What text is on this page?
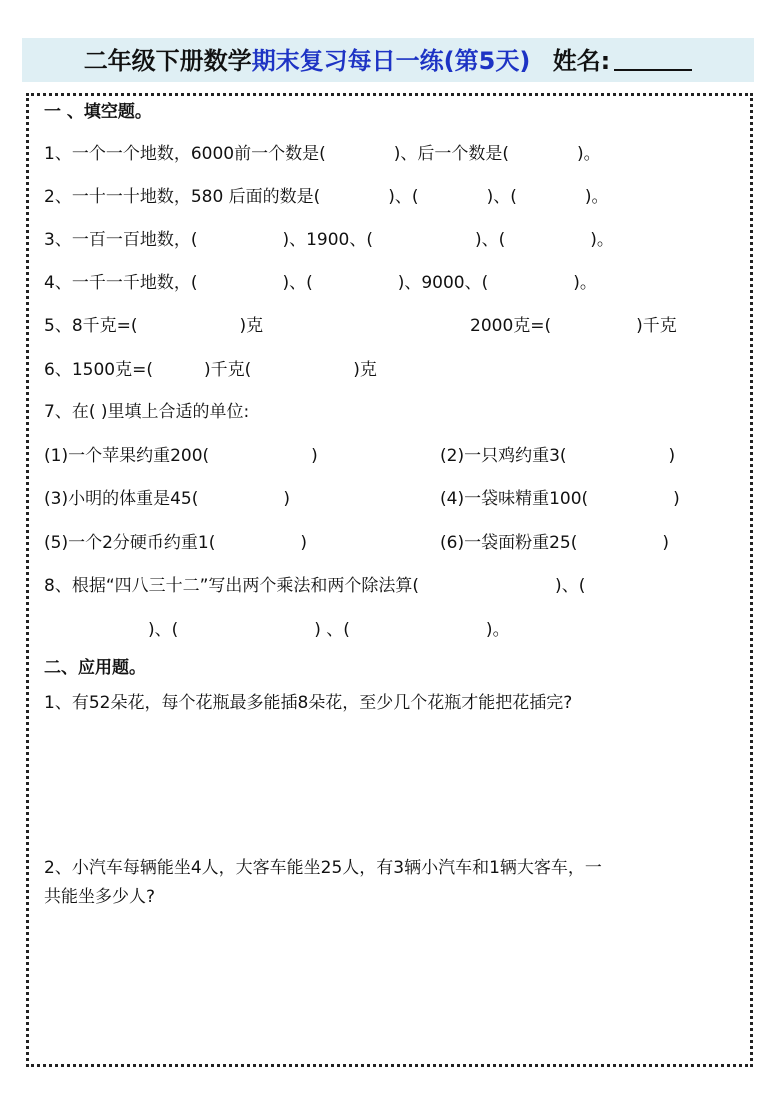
二年级下册数学期末复习每日一练(第5天) 姓名:
一 、填空题。
1、一个一个地数，6000前一个数是(　　　　)、后一个数是(　　　　)。
2、一十一十地数，580 后面的数是(　　　　)、(　　　　)、(　　　　)。
3、一百一百地数，(　　　　　)、1900、(　　　　　　)、(　　　　　)。
4、一千一千地数，(　　　　　)、(　　　　　)、9000、(　　　　　)。
5、8千克=(　　　　　　)克	2000克=(　　　　　)千克
6、1500克=(　　　)千克(　　　　　　)克
7、在( )里填上合适的单位:
(1)一个苹果约重200(　　　　　　)	(2)一只鸡约重3(　　　　　　)
(3)小明的体重是45(　　　　　)	(4)一袋味精重100(　　　　　)
(5)一个2分硬币约重1(　　　　　)	(6)一袋面粉重25(　　　　　)
8、根据“四八三十二”写出两个乘法和两个除法算(　　　　　　　　)、(
)、(　　　　　　　　) 、(　　　　　　　　)。
二、应用题。
1、有52朵花，每个花瓶最多能插8朵花，至少几个花瓶才能把花插完?
2、小汽车每辆能坐4人，大客车能坐25人，有3辆小汽车和1辆大客车，一
共能坐多少人?
